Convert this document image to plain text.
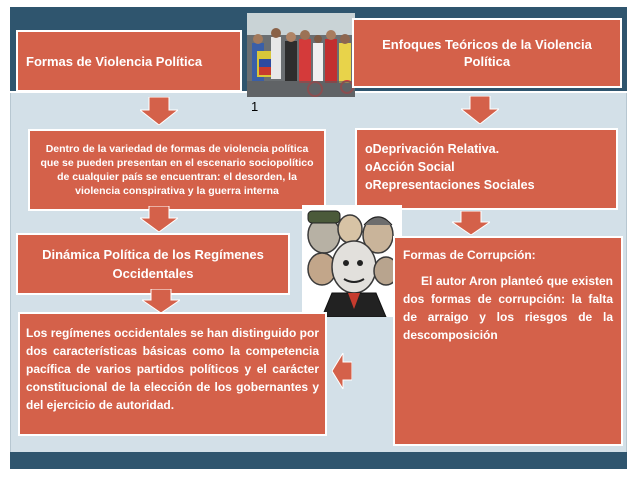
Formas de Violencia Política
Enfoques Teóricos de la Violencia Política
1
Dentro de la variedad de formas de violencia política que se pueden presentan en el escenario sociopolítico de cualquier país se encuentran: el desorden, la violencia conspirativa y la guerra interna
oDeprivación Relativa.
oAcción Social
oRepresentaciones Sociales
Dinámica Política de los Regímenes Occidentales

Los regímenes occidentales se han distinguido por dos características básicas como la competencia pacífica de varios partidos políticos y el carácter constitucional de la elección de los gobernantes y del ejercicio de autoridad.

Formas de Corrupción:
El autor Aron planteó que existen dos formas de corrupción: la falta de arraigo y los riesgos de la descomposición
